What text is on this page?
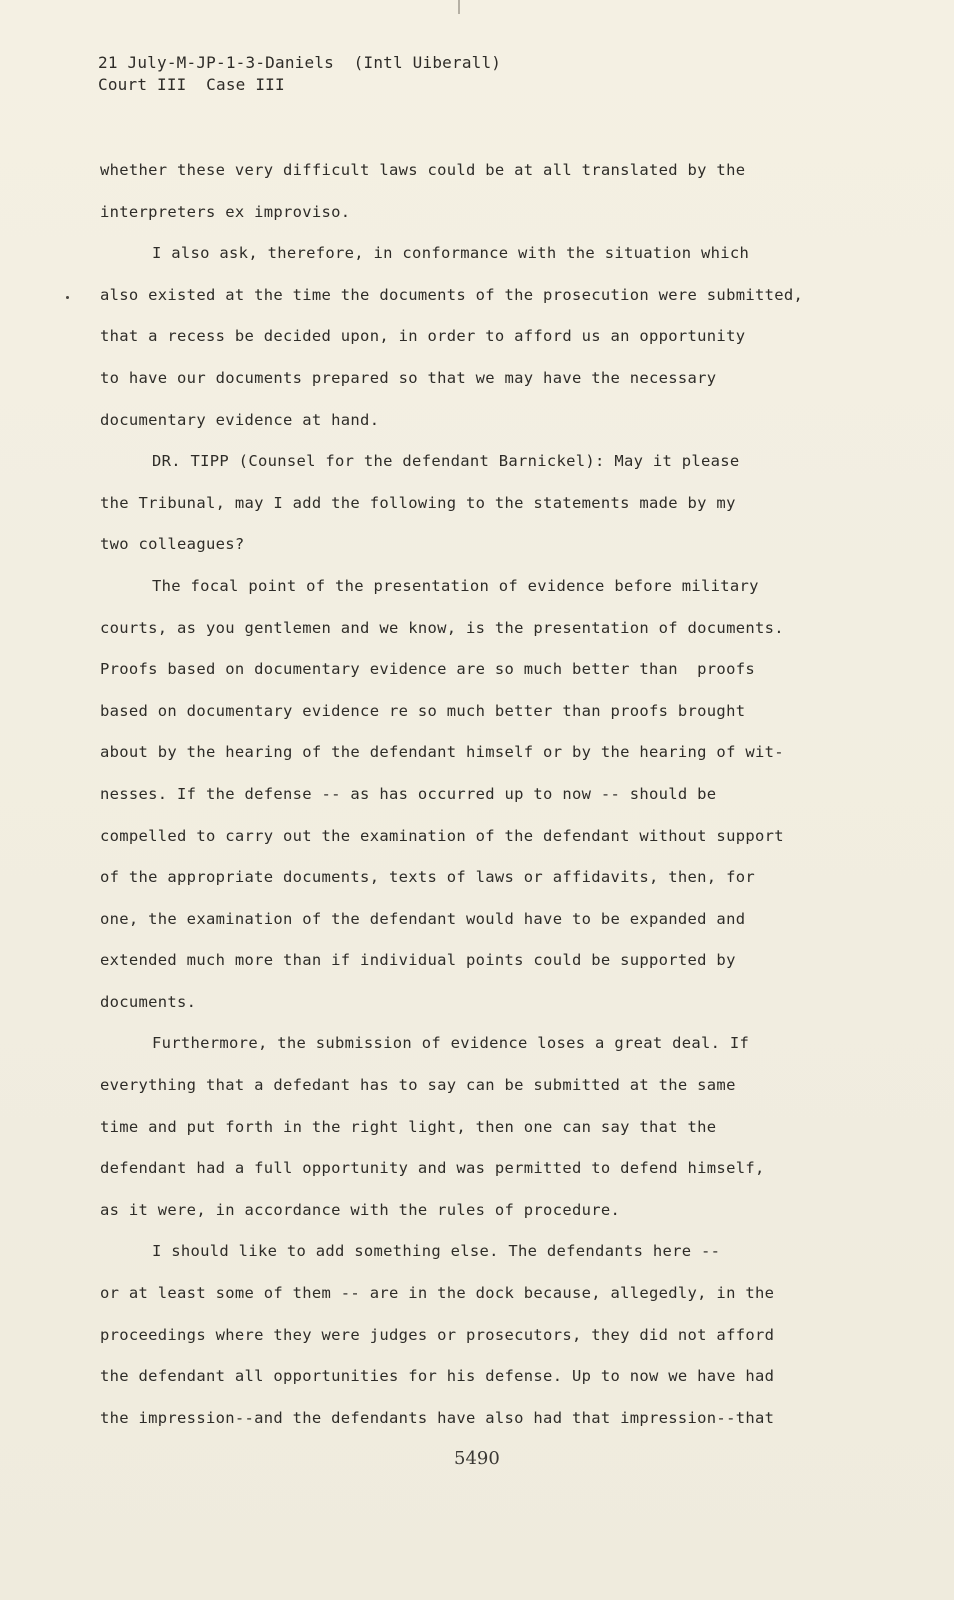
21 July-M-JP-1-3-Daniels  (Intl Uiberall)
Court III  Case III
whether these very difficult laws could be at all translated by the
interpreters ex improviso.
I also ask, therefore, in conformance with the situation which
also existed at the time the documents of the prosecution were submitted,
that a recess be decided upon, in order to afford us an opportunity
to have our documents prepared so that we may have the necessary
documentary evidence at hand.
DR. TIPP (Counsel for the defendant Barnickel): May it please
the Tribunal, may I add the following to the statements made by my
two colleagues?
The focal point of the presentation of evidence before military
courts, as you gentlemen and we know, is the presentation of documents.
Proofs based on documentary evidence are so much better than  proofs
based on documentary evidence re so much better than proofs brought
about by the hearing of the defendant himself or by the hearing of wit-
nesses. If the defense -- as has occurred up to now -- should be
compelled to carry out the examination of the defendant without support
of the appropriate documents, texts of laws or affidavits, then, for
one, the examination of the defendant would have to be expanded and
extended much more than if individual points could be supported by
documents.
Furthermore, the submission of evidence loses a great deal. If
everything that a defedant has to say can be submitted at the same
time and put forth in the right light, then one can say that the
defendant had a full opportunity and was permitted to defend himself,
as it were, in accordance with the rules of procedure.
I should like to add something else. The defendants here --
or at least some of them -- are in the dock because, allegedly, in the
proceedings where they were judges or prosecutors, they did not afford
the defendant all opportunities for his defense. Up to now we have had
the impression--and the defendants have also had that impression--that
5490
